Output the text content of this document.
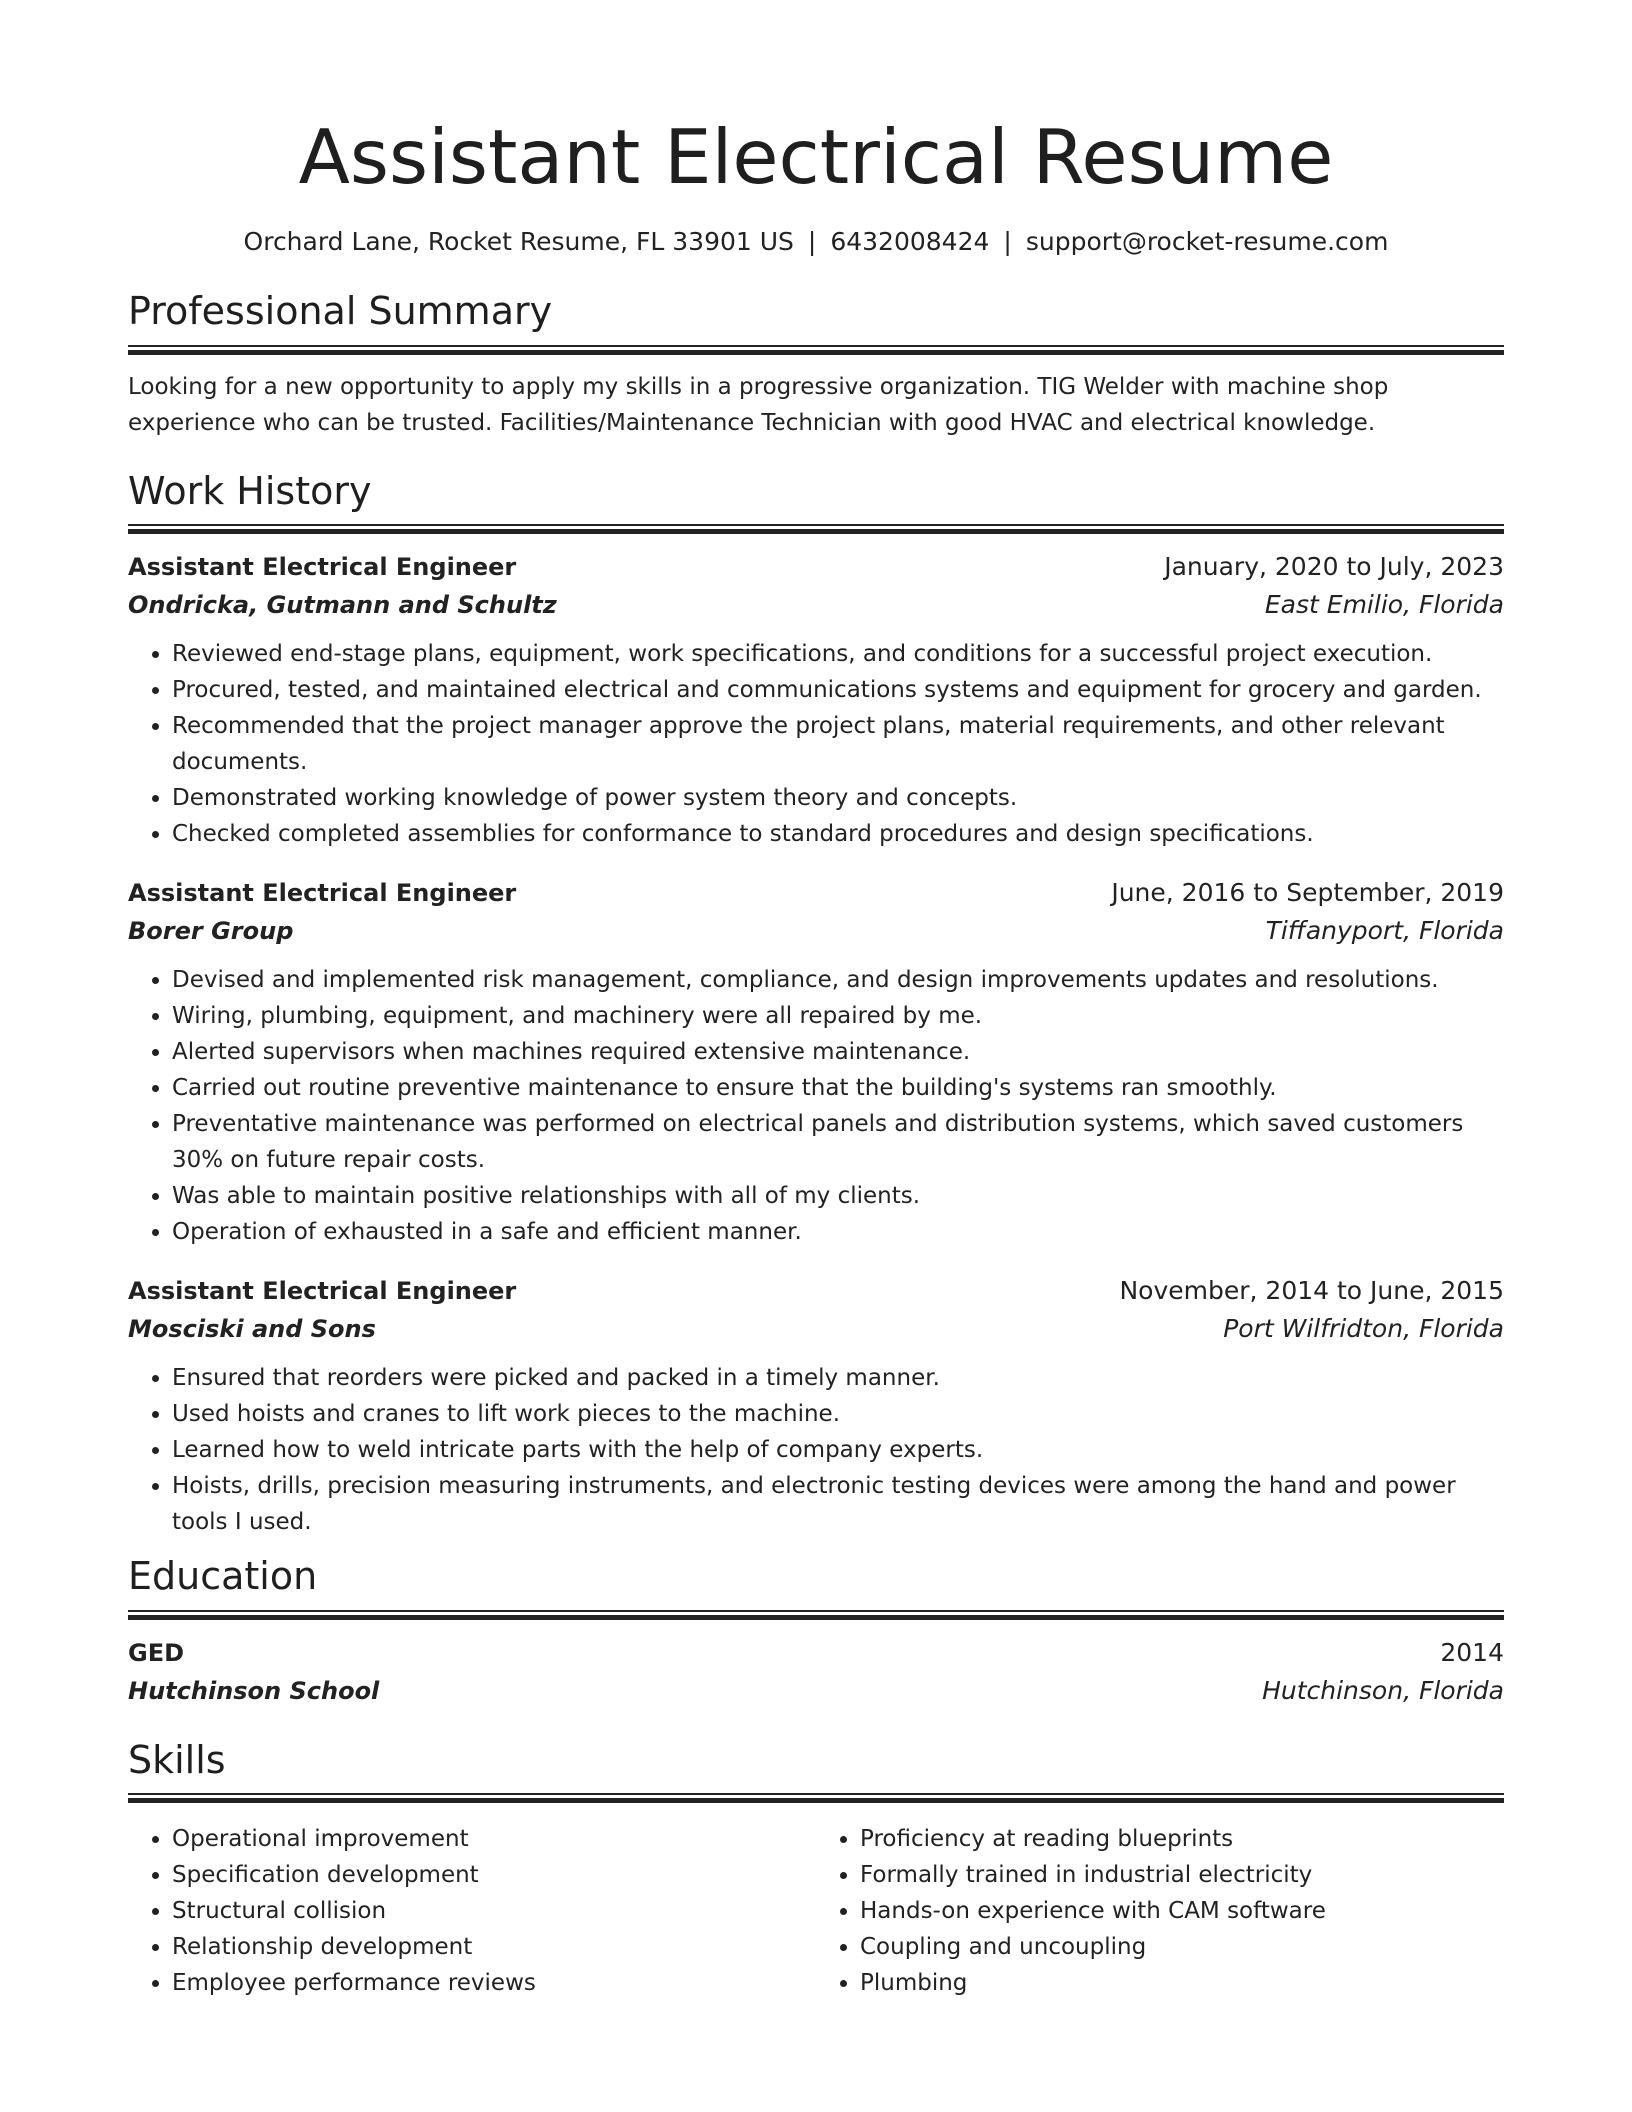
Assistant Electrical Resume
Orchard Lane, Rocket Resume, FL 33901 US | 6432008424 | support@rocket-resume.com
Professional Summary

Looking for a new opportunity to apply my skills in a progressive organization. TIG Welder with machine shop experience who can be trusted. Facilities/Maintenance Technician with good HVAC and electrical knowledge.

Work History
Assistant Electrical Engineer	January, 2020 to July, 2023
Ondricka, Gutmann and Schultz	East Emilio, Florida
• Reviewed end-stage plans, equipment, work specifications, and conditions for a successful project execution.
• Procured, tested, and maintained electrical and communications systems and equipment for grocery and garden.
• Recommended that the project manager approve the project plans, material requirements, and other relevant documents.
• Demonstrated working knowledge of power system theory and concepts.
• Checked completed assemblies for conformance to standard procedures and design specifications.
Assistant Electrical Engineer	June, 2016 to September, 2019
Borer Group	Tiffanyport, Florida
• Devised and implemented risk management, compliance, and design improvements updates and resolutions.
• Wiring, plumbing, equipment, and machinery were all repaired by me.
• Alerted supervisors when machines required extensive maintenance.
• Carried out routine preventive maintenance to ensure that the building's systems ran smoothly.
• Preventative maintenance was performed on electrical panels and distribution systems, which saved customers 30% on future repair costs.
• Was able to maintain positive relationships with all of my clients.
• Operation of exhausted in a safe and efficient manner.
Assistant Electrical Engineer	November, 2014 to June, 2015
Mosciski and Sons	Port Wilfridton, Florida
• Ensured that reorders were picked and packed in a timely manner.
• Used hoists and cranes to lift work pieces to the machine.
• Learned how to weld intricate parts with the help of company experts.
• Hoists, drills, precision measuring instruments, and electronic testing devices were among the hand and power tools I used.
Education
GED	2014
Hutchinson School	Hutchinson, Florida
Skills
• Operational improvement
• Specification development
• Structural collision
• Relationship development
• Employee performance reviews
• Proficiency at reading blueprints
• Formally trained in industrial electricity
• Hands-on experience with CAM software
• Coupling and uncoupling
• Plumbing
